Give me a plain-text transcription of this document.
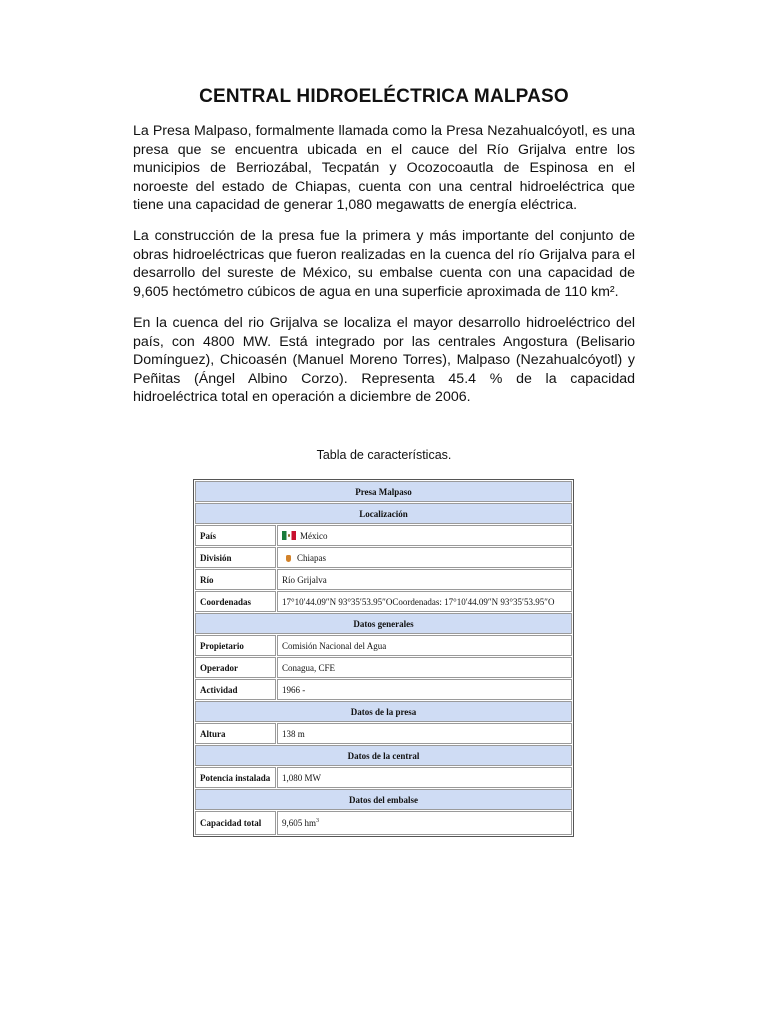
CENTRAL HIDROELÉCTRICA MALPASO

La Presa Malpaso, formalmente llamada como la Presa Nezahualcóyotl, es una presa que se encuentra ubicada en el cauce del Río Grijalva entre los municipios de Berriozábal, Tecpatán y Ocozocoautla de Espinosa en el noroeste del estado de Chiapas, cuenta con una central hidroeléctrica que tiene una capacidad de generar 1,080 megawatts de energía eléctrica.

La construcción de la presa fue la primera y más importante del conjunto de obras hidroeléctricas que fueron realizadas en la cuenca del río Grijalva para el desarrollo del sureste de México, su embalse cuenta con una capacidad de 9,605 hectómetro cúbicos de agua en una superficie aproximada de 110 km².

En la cuenca del rio Grijalva se localiza el mayor desarrollo hidroeléctrico del país, con 4800 MW. Está integrado por las centrales Angostura (Belisario Domínguez), Chicoasén (Manuel Moreno Torres), Malpaso (Nezahualcóyotl) y Peñitas (Ángel Albino Corzo). Representa 45.4 % de la capacidad hidroeléctrica total en operación a diciembre de 2006.

Tabla de características.

Presa Malpaso	
Localización	
País	México
División	Chiapas
Río	Río Grijalva
Coordenadas	17°10′44.09″N 93°35′53.95″OCoordenadas: 17°10′44.09″N 93°35′53.95″O
Datos generales	
Propietario	Comisión Nacional del Agua
Operador	Conagua, CFE
Actividad	1966 -
Datos de la presa	
Altura	138 m
Datos de la central	
Potencia instalada	1,080 MW
Datos del embalse	
Capacidad total	9,605 $hm^3$
